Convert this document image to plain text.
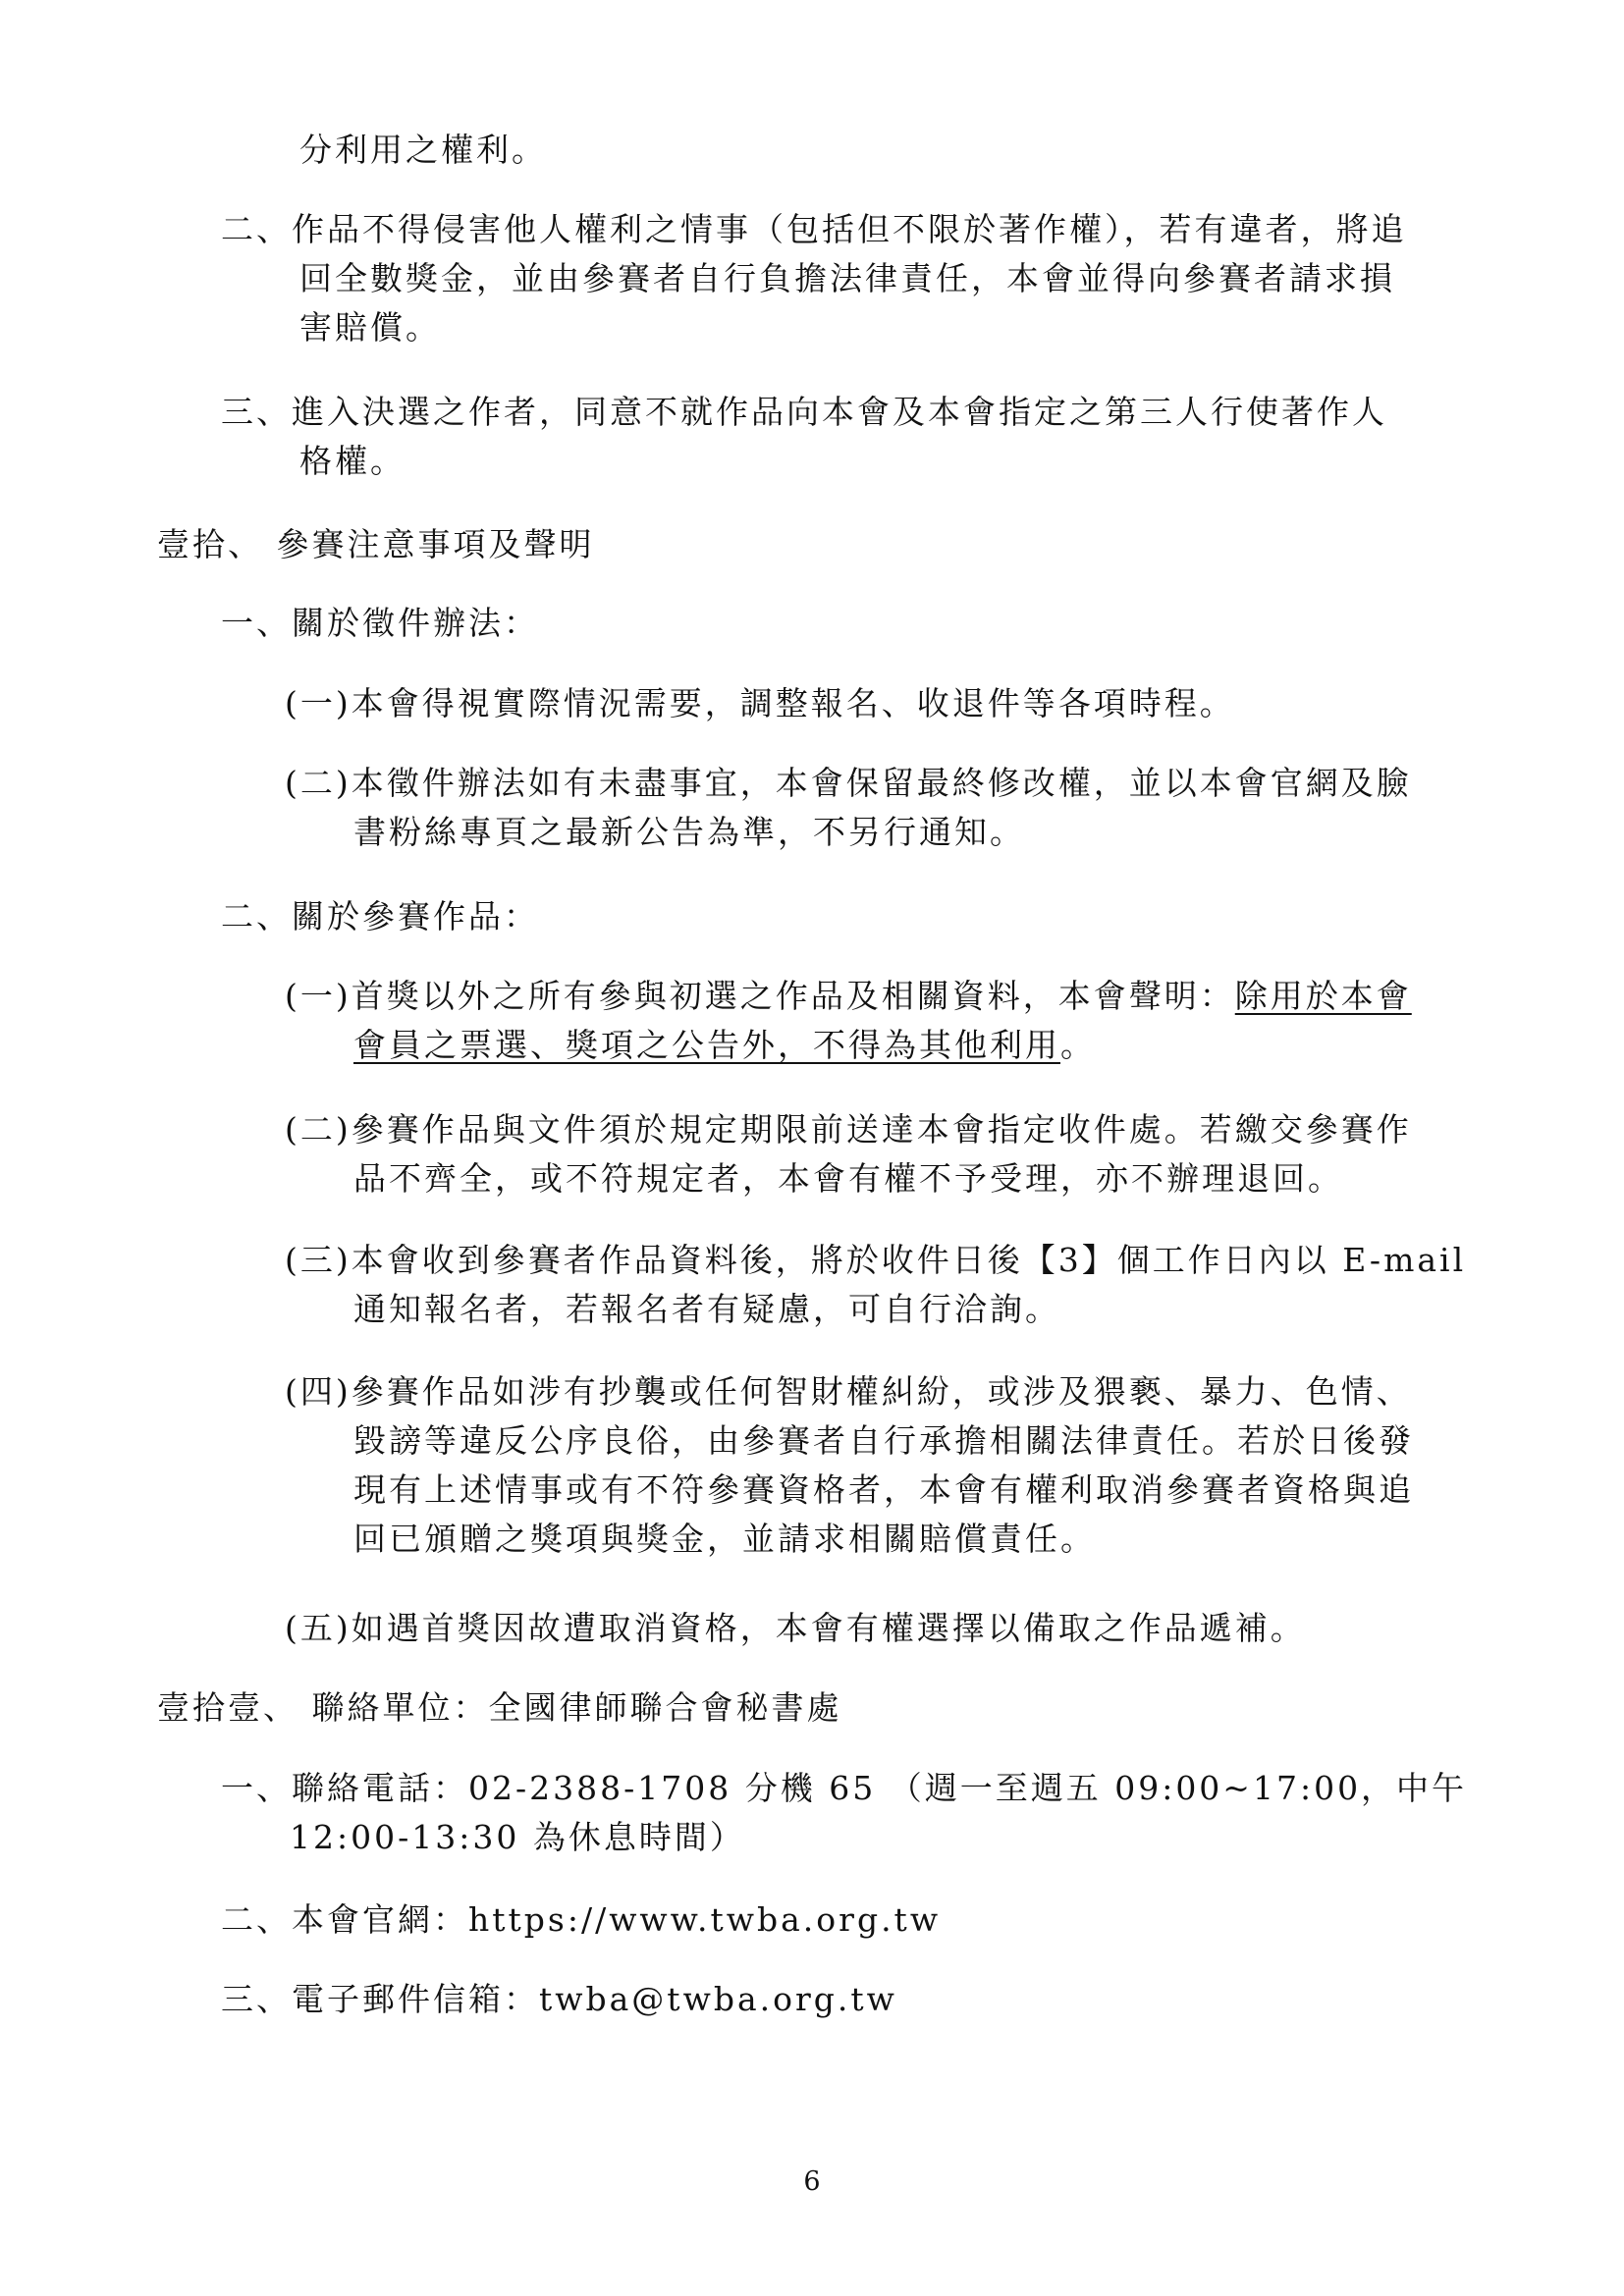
分利用之權利。
二、作品不得侵害他人權利之情事（包括但不限於著作權），若有違者，將追
回全數獎金，並由參賽者自行負擔法律責任，本會並得向參賽者請求損
害賠償。
三、進入決選之作者，同意不就作品向本會及本會指定之第三人行使著作人
格權。
壹拾、 參賽注意事項及聲明
一、關於徵件辦法：
(一)本會得視實際情況需要，調整報名、收退件等各項時程。
(二)本徵件辦法如有未盡事宜，本會保留最終修改權，並以本會官網及臉
書粉絲專頁之最新公告為準，不另行通知。
二、關於參賽作品：
(一)首獎以外之所有參與初選之作品及相關資料，本會聲明：除用於本會
會員之票選、獎項之公告外，不得為其他利用。
(二)參賽作品與文件須於規定期限前送達本會指定收件處。若繳交參賽作
品不齊全，或不符規定者，本會有權不予受理，亦不辦理退回。
(三)本會收到參賽者作品資料後，將於收件日後【3】個工作日內以 E-mail
通知報名者，若報名者有疑慮，可自行洽詢。
(四)參賽作品如涉有抄襲或任何智財權糾紛，或涉及猥褻、暴力、色情、
毀謗等違反公序良俗，由參賽者自行承擔相關法律責任。若於日後發
現有上述情事或有不符參賽資格者，本會有權利取消參賽者資格與追
回已頒贈之獎項與獎金，並請求相關賠償責任。
(五)如遇首獎因故遭取消資格，本會有權選擇以備取之作品遞補。
壹拾壹、 聯絡單位：全國律師聯合會秘書處
一、聯絡電話：02-2388-1708 分機 65 （週一至週五 09:00~17:00，中午
12:00-13:30 為休息時間）
二、本會官網：https://www.twba.org.tw
三、電子郵件信箱：twba@twba.org.tw
6
